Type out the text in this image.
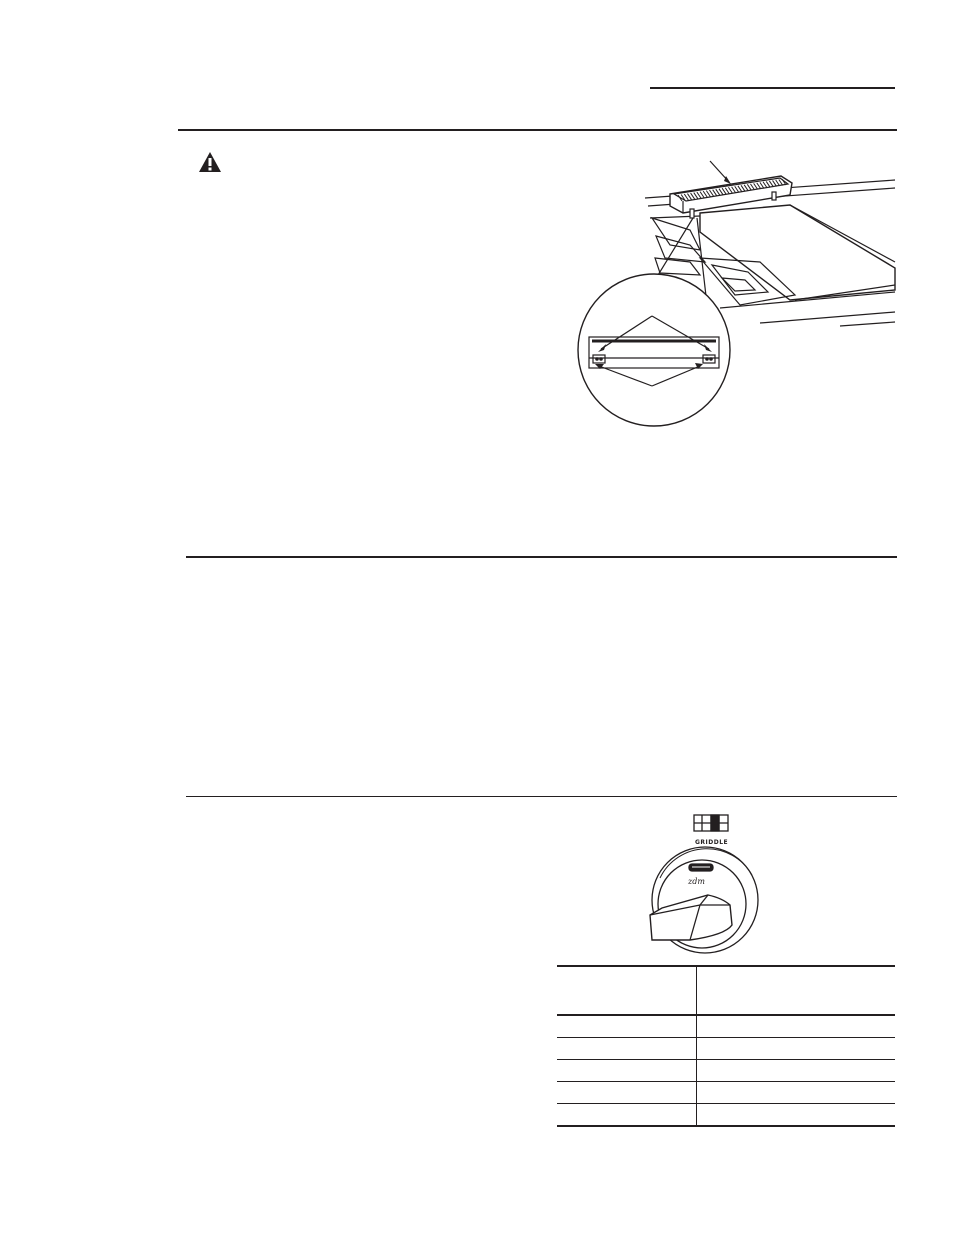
GRIDDLE
zdm
